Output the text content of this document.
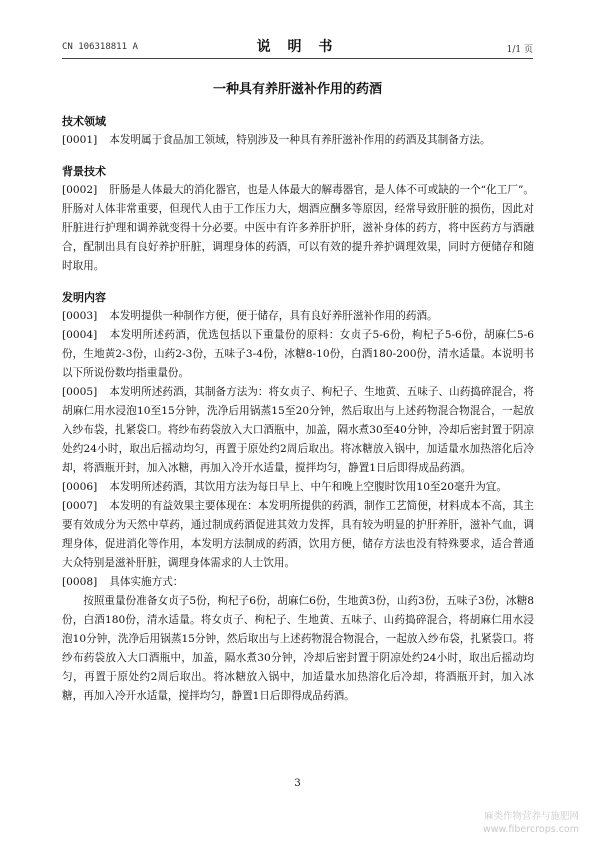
CN 106318811 A	说 明 书	1/1 页
一种具有养肝滋补作用的药酒

技术领域

[0001] 本发明属于食品加工领域，特别涉及一种具有养肝滋补作用的药酒及其制备方法。

背景技术

[0002] 肝肠是人体最大的消化器官，也是人体最大的解毒器官，是人体不可或缺的一个“化工厂”。肝肠对人体非常重要，但现代人由于工作压力大，烟酒应酬多等原因，经常导致肝脏的损伤，因此对肝脏进行护理和调养就变得十分必要。中医中有许多养肝护肝，滋补身体的药方，将中医药方与酒融合，配制出具有良好养护肝脏，调理身体的药酒，可以有效的提升养护调理效果，同时方便储存和随时取用。

发明内容

[0003] 本发明提供一种制作方便，便于储存，具有良好养肝滋补作用的药酒。

[0004] 本发明所述药酒，优选包括以下重量份的原料：女贞子5-6份，枸杞子5-6份，胡麻仁5-6份，生地黄2-3份，山药2-3份，五味子3-4份，冰糖8-10份，白酒180-200份，清水适量。本说明书以下所说份数均指重量份。

[0005] 本发明所述药酒，其制备方法为：将女贞子、枸杞子、生地黄、五味子、山药捣碎混合，将胡麻仁用水浸泡10至15分钟，洗净后用锅蒸15至20分钟，然后取出与上述药物混合物混合，一起放入纱布袋，扎紧袋口。将纱布药袋放入大口酒瓶中，加盖，隔水煮30至40分钟，冷却后密封置于阴凉处约24小时，取出后摇动均匀，再置于原处约2周后取出。将冰糖放入锅中，加适量水加热溶化后冷却，将酒瓶开封，加入冰糖，再加入冷开水适量，搅拌均匀，静置1日后即得成品药酒。

[0006] 本发明所述药酒，其饮用方法为每日早上、中午和晚上空腹时饮用10至20毫升为宜。

[0007] 本发明的有益效果主要体现在：本发明所提供的药酒，制作工艺简便，材料成本不高，其主要有效成分为天然中草药，通过制成药酒促进其效力发挥，具有较为明显的护肝养肝，滋补气血，调理身体，促进消化等作用，本发明方法制成的药酒，饮用方便，储存方法也没有特殊要求，适合普通大众特别是滋补肝脏，调理身体需求的人士饮用。

[0008] 具体实施方式：

按照重量份准备女贞子5份，枸杞子6份，胡麻仁6份，生地黄3份，山药3份，五味子3份，冰糖8份，白酒180份，清水适量。将女贞子、枸杞子、生地黄、五味子、山药捣碎混合，将胡麻仁用水浸泡10分钟，洗净后用锅蒸15分钟，然后取出与上述药物混合物混合，一起放入纱布袋，扎紧袋口。将纱布药袋放入大口酒瓶中，加盖，隔水煮30分钟，冷却后密封置于阴凉处约24小时，取出后摇动均匀，再置于原处约2周后取出。将冰糖放入锅中，加适量水加热溶化后冷却，将酒瓶开封，加入冰糖，再加入冷开水适量，搅拌均匀，静置1日后即得成品药酒。

3
麻类作物营养与施肥网
www.fibercrops.com
